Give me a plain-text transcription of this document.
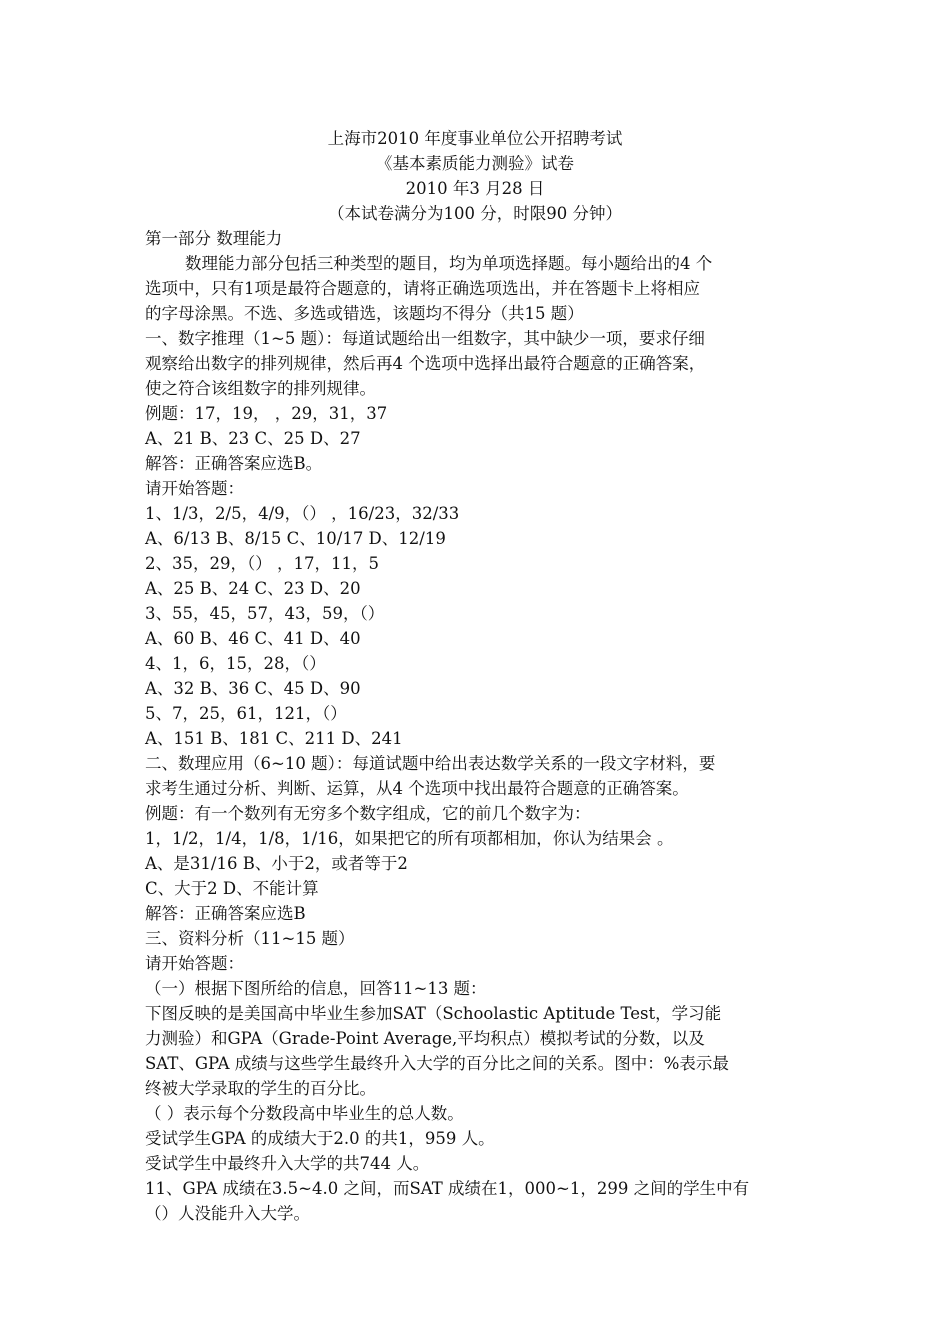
上海市2010 年度事业单位公开招聘考试
《基本素质能力测验》试卷
2010 年3 月28 日
（本试卷满分为100 分，时限90 分钟）
第一部分 数理能力
数理能力部分包括三种类型的题目，均为单项选择题。每小题给出的4 个
选项中，只有1项是最符合题意的，请将正确选项选出，并在答题卡上将相应
的字母涂黑。不选、多选或错选，该题均不得分（共15 题）
一、数字推理（1~5 题）：每道试题给出一组数字，其中缺少一项，要求仔细
观察给出数字的排列规律，然后再4 个选项中选择出最符合题意的正确答案，
使之符合该组数字的排列规律。
例题：17，19， ，29，31，37
A、21 B、23 C、25 D、27
解答：正确答案应选B。
请开始答题：
1、1/3，2/5，4/9，（） ，16/23，32/33
A、6/13 B、8/15 C、10/17 D、12/19
2、35，29，（） ，17，11，5
A、25 B、24 C、23 D、20
3、55，45，57，43，59，（）
A、60 B、46 C、41 D、40
4、1，6，15，28，（）
A、32 B、36 C、45 D、90
5、7，25，61，121，（）
A、151 B、181 C、211 D、241
二、数理应用（6~10 题）：每道试题中给出表达数学关系的一段文字材料，要
求考生通过分析、判断、运算，从4 个选项中找出最符合题意的正确答案。
例题：有一个数列有无穷多个数字组成，它的前几个数字为：
1，1/2，1/4，1/8，1/16，如果把它的所有项都相加，你认为结果会 。
A、是31/16 B、小于2，或者等于2
C、大于2 D、不能计算
解答：正确答案应选B
三、资料分析（11~15 题）
请开始答题：
（一）根据下图所给的信息，回答11~13 题：
下图反映的是美国高中毕业生参加SAT（Schoolastic Aptitude Test，学习能
力测验）和GPA（Grade-Point Average,平均积点）模拟考试的分数，以及
SAT、GPA 成绩与这些学生最终升入大学的百分比之间的关系。图中：%表示最
终被大学录取的学生的百分比。
（ ）表示每个分数段高中毕业生的总人数。
受试学生GPA 的成绩大于2.0 的共1，959 人。
受试学生中最终升入大学的共744 人。
11、GPA 成绩在3.5~4.0 之间，而SAT 成绩在1，000~1，299 之间的学生中有
（）人没能升入大学。
